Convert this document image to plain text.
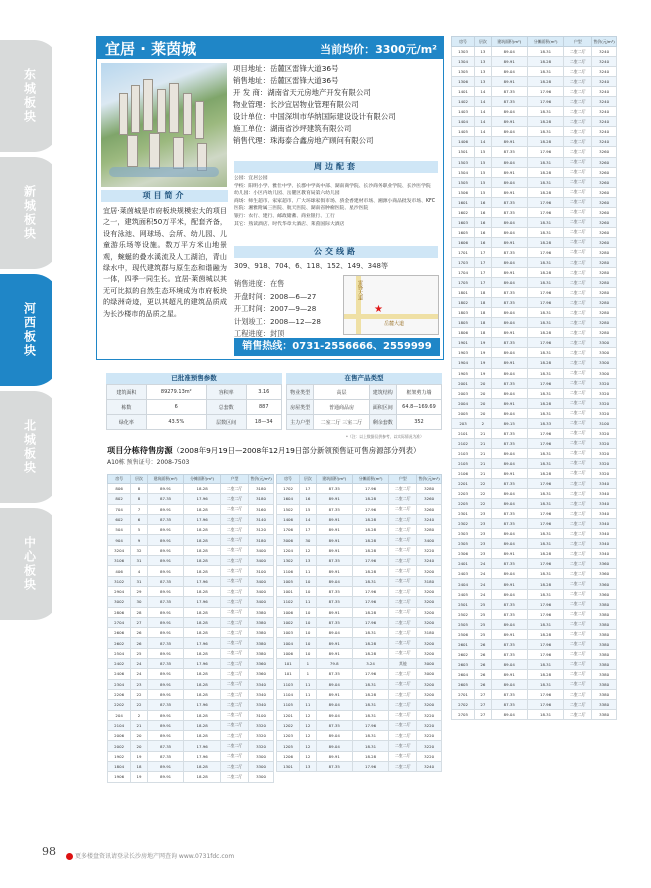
东城板块
新城板块
河西板块
北城板块
中心板块
宜居 · 莱茵城	当前均价：3300元/m²
项目地址：岳麓区雷锋大道36号
销售地址：岳麓区雷锋大道36号
开 发 商：湖南省天元房地产开发有限公司
物业管理：长沙宜居物业管理有限公司
设计单位：中国深圳市华纳国际建设设计有限公司
施工单位：湖南省沙坪建筑有限公司
销售代理：珠海泰合鑫房地产顾问有限公司
项目简介
宜居·莱茵城是市府板块规模宏大的项目之一，建筑面积50万平米，配套齐备，设有泳池、网球场、会所、幼儿园、儿童游乐场等设施。数万平方米山地景观，蜿蜒的叠水溪流及人工湖泊，青山绿水中，现代建筑群与原生态和谐融为一体，四季一同生长。宜居·莱茵城以其无可比拟的自然生态环境成为市府板块的绿洲奇迹，更以其超凡的建筑品质成为长沙楼市的品质之星。
周边配套
公园：宜居公园
学校：阳明小学、雅仕中学、长郡中学高中部、湖南商学院、长沙商务职业学院、长沙医学院
幼儿园：小区内幼儿园、岳麓区教育局第六幼儿园
商场：师生超市、家家超市、广大环球家俱市场、骄金香建材市场、湘源小商品批发市场、KFC
医院：湘雅附属三医院、航天医院、湖南省肿瘤医院、星沙医院
银行：农行、建行、邮政储蓄、商业银行、工行
其它：熟读酒店、时代华章大酒店、莱茵国际大酒店
公交线路
309、918、704、6、118、152、149、348等
销售进度：在售
开盘时间：2008—6—27
开工时间：2007—9—28
计划竣工：2008—12—28
工程进度：封顶
雷锋大道
岳麓大道
★
销售热线：0731-2556666、2559999
已批准预售参数
建筑面积	89279.13m²	容积率	3.16
栋数	6	总套数	887
绿化率	43.5%	层数区间	18—34
在售产品类型
物业类型	高层	建筑结构	框架剪力墙
房屋类型	普通商品房	面积区间	64.8—169.69
主力户型	二室二厅 三室二厅	剩余套数	352
*（注：以上数据仅供参考，以实际情况为准）
项目分栋待售房源（2008年9月19日—2008年12月19日部分新领预售证可售房源部分列表）
A10栋 预售证号：2008-7503
房号	层次	建筑面积(m²)	分摊面积(m²)	户型	售价(元/m²)
806	8	89.91	18.28	二室二厅	3180
802	8	87.35	17.96	二室二厅	3180
704	7	89.91	18.28	二室二厅	3160
602	6	87.35	17.96	二室二厅	3140
504	5	89.91	18.28	二室二厅	3120
904	9	89.91	18.28	二室二厅	3180
3204	32	89.91	18.28	二室二厅	3400
3106	31	89.91	18.28	二室二厅	3400
406	4	89.91	18.28	二室二厅	3100
3102	31	87.35	17.96	二室二厅	3400
2904	29	89.91	18.28	二室二厅	3400
3002	30	87.35	17.96	二室二厅	3400
2806	28	89.91	18.28	二室二厅	3380
2704	27	89.91	18.28	二室二厅	3380
2606	26	89.91	18.28	二室二厅	3380
2602	26	87.35	17.96	二室二厅	3380
2504	25	89.91	18.28	二室二厅	3380
2402	24	87.35	17.96	二室二厅	3360
2406	24	89.91	18.28	二室二厅	3360
2304	23	89.91	18.28	二室二厅	3340
2206	22	89.91	18.28	二室二厅	3340
2202	22	87.35	17.96	二室二厅	3340
204	2	89.91	18.28	二室二厅	3100
2104	21	89.91	18.28	二室二厅	3320
2006	20	89.91	18.28	二室二厅	3320
2002	20	87.35	17.96	二室二厅	3320
1902	19	87.35	17.96	二室二厅	3300
1804	18	89.91	18.28	二室二厅	3300
1906	19	89.91	18.28	二室二厅	3300
房号	层次	建筑面积(m²)	分摊面积(m²)	户型	售价(元/m²)
1702	17	87.35	17.96	二室二厅	3280
1604	16	89.91	18.28	二室二厅	3260
1502	15	87.35	17.96	二室二厅	3260
1406	14	89.91	18.28	二室二厅	3240
1706	17	89.91	18.28	二室二厅	3280
3006	30	89.91	18.28	二室二厅	3400
1204	12	89.91	18.28	二室二厅	3220
1302	13	87.35	17.96	二室二厅	3240
1106	11	89.91	18.28	二室二厅	3200
1005	10	89.04	18.31	二室二厅	3180
1001	10	87.35	17.96	二室二厅	3200
1102	11	87.35	17.96	二室二厅	3200
1006	10	89.91	18.28	二室二厅	3200
1002	10	87.35	17.96	二室二厅	3200
1003	10	89.04	18.31	二室二厅	3180
1004	10	89.91	18.28	二室二厅	3200
1006	10	89.91	18.28	二室二厅	3200
101	1	79.8	3.24	其他	3000
101	1	87.35	17.96	二室二厅	3000
1103	11	89.04	18.31	二室二厅	3200
1104	11	89.91	18.28	二室二厅	3200
1105	11	89.04	18.31	二室二厅	3200
1201	12	89.04	18.31	二室二厅	3220
1202	12	87.35	17.96	二室二厅	3220
1203	12	89.04	18.31	二室二厅	3220
1205	12	89.04	18.31	二室二厅	3220
1206	12	89.91	18.28	二室二厅	3220
1301	13	87.35	17.96	二室二厅	3240
房号	层次	建筑面积(m²)	分摊面积(m²)	户型	售价(元/m²)
1303	13	89.04	18.31	二室二厅	3240
1304	13	89.91	18.28	二室二厅	3240
1305	13	89.04	18.31	二室二厅	3240
1306	13	89.91	18.28	二室二厅	3240
1401	14	87.35	17.96	二室二厅	3240
1402	14	87.35	17.96	二室二厅	3240
1403	14	89.04	18.31	二室二厅	3240
1404	14	89.91	18.28	二室二厅	3240
1405	14	89.04	18.31	二室二厅	3240
1406	14	89.91	18.28	二室二厅	3240
1501	15	87.35	17.96	二室二厅	3260
1503	15	89.04	18.31	二室二厅	3260
1504	15	89.91	18.28	二室二厅	3260
1505	15	89.04	18.31	二室二厅	3260
1506	15	89.91	18.28	二室二厅	3260
1601	16	87.35	17.96	二室二厅	3260
1602	16	87.35	17.96	二室二厅	3260
1603	16	89.04	18.31	二室二厅	3260
1605	16	89.04	18.31	二室二厅	3260
1606	16	89.91	18.28	二室二厅	3260
1701	17	87.35	17.96	二室二厅	3280
1703	17	89.04	18.31	二室二厅	3280
1704	17	89.91	18.28	二室二厅	3280
1705	17	89.04	18.31	二室二厅	3280
1801	18	87.35	17.96	二室二厅	3280
1802	18	87.35	17.96	二室二厅	3280
1803	18	89.04	18.31	二室二厅	3280
1805	18	89.04	18.31	二室二厅	3280
1806	18	89.91	18.28	二室二厅	3280
1901	19	87.35	17.96	二室二厅	3300
1903	19	89.04	18.31	二室二厅	3300
1904	19	89.91	18.28	二室二厅	3300
1905	19	89.04	18.31	二室二厅	3300
2001	20	87.35	17.96	二室二厅	3320
2003	20	89.04	18.31	二室二厅	3320
2004	20	89.91	18.28	二室二厅	3320
2005	20	89.04	18.31	二室二厅	3320
203	2	89.15	18.33	二室二厅	3100
2101	21	87.35	17.96	二室二厅	3320
2102	21	87.35	17.96	二室二厅	3320
2103	21	89.04	18.31	二室二厅	3320
2105	21	89.04	18.31	二室二厅	3320
2106	21	89.91	18.28	二室二厅	3320
2201	22	87.35	17.96	二室二厅	3340
2203	22	89.04	18.31	二室二厅	3340
2205	22	89.04	18.31	二室二厅	3340
2301	23	87.35	17.96	二室二厅	3340
2302	23	87.35	17.96	二室二厅	3340
2303	23	89.04	18.31	二室二厅	3340
2305	23	89.04	18.31	二室二厅	3340
2306	23	89.91	18.28	二室二厅	3340
2401	24	87.35	17.96	二室二厅	3360
2403	24	89.04	18.31	二室二厅	3360
2404	24	89.91	18.28	二室二厅	3360
2405	24	89.04	18.31	二室二厅	3360
2501	25	87.35	17.96	二室二厅	3380
2502	25	87.35	17.96	二室二厅	3380
2505	25	89.04	18.31	二室二厅	3380
2506	25	89.91	18.28	二室二厅	3380
2601	26	87.35	17.96	二室二厅	3380
2602	26	87.35	17.96	二室二厅	3380
2603	26	89.04	18.31	二室二厅	3380
2604	26	89.91	18.28	二室二厅	3380
2605	26	89.04	18.31	二室二厅	3380
2701	27	87.35	17.96	二室二厅	3380
2702	27	87.35	17.96	二室二厅	3380
2705	27	89.04	18.31	二室二厅	3380
98	更多楼盘资讯请登录长沙房地产网查询 www.0731fdc.com
